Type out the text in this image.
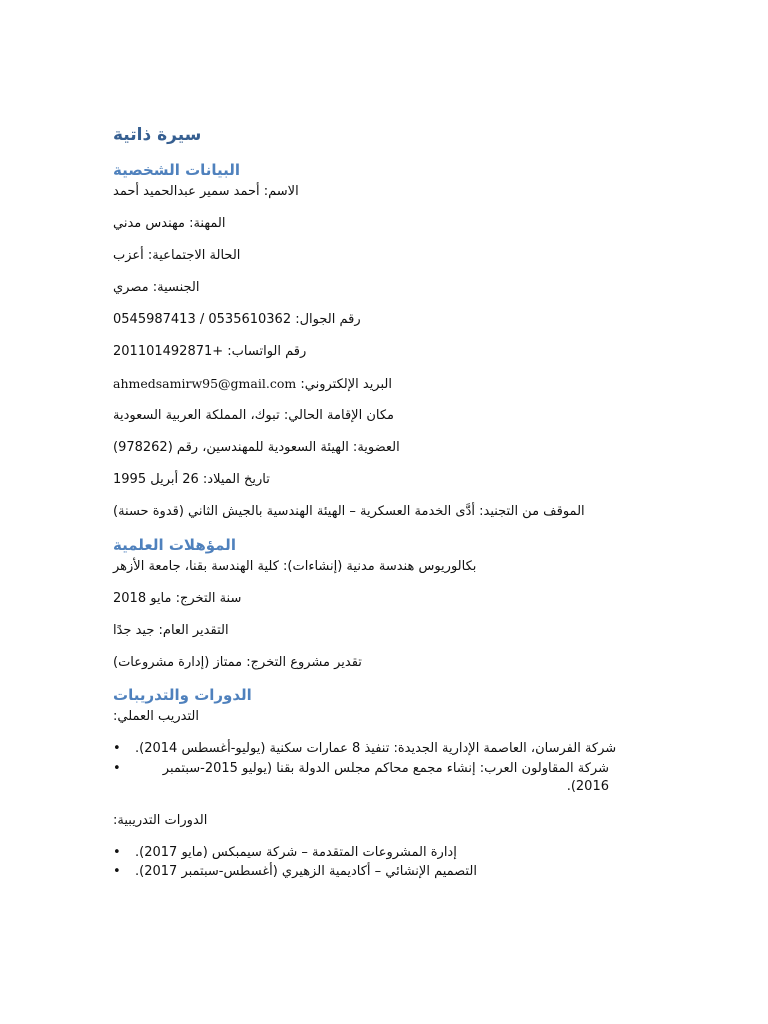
سيرة ذاتية
البيانات الشخصية
الاسم: أحمد سمير عبدالحميد أحمد
المهنة: مهندس مدني
الحالة الاجتماعية: أعزب
الجنسية: مصري
رقم الجوال: 0535610362 / 0545987413
رقم الواتساب: +201101492871
البريد الإلكتروني: ahmedsamirw95@gmail.com
مكان الإقامة الحالي: تبوك، المملكة العربية السعودية
العضوية: الهيئة السعودية للمهندسين، رقم (978262)
تاريخ الميلاد: 26 أبريل 1995
الموقف من التجنيد: أدَّى الخدمة العسكرية – الهيئة الهندسية بالجيش الثاني (قدوة حسنة)
المؤهلات العلمية
بكالوريوس هندسة مدنية (إنشاءات): كلية الهندسة بقنا، جامعة الأزهر
سنة التخرج: مايو 2018
التقدير العام: جيد جدًا
تقدير مشروع التخرج: ممتاز (إدارة مشروعات)
الدورات والتدريبات
التدريب العملي:
•	شركة الفرسان، العاصمة الإدارية الجديدة: تنفيذ 8 عمارات سكنية (يوليو-أغسطس 2014).
•	شركة المقاولون العرب: إنشاء مجمع محاكم مجلس الدولة بقنا (يوليو 2015-سبتمبر 2016).
الدورات التدريبية:
•	إدارة المشروعات المتقدمة – شركة سيمبكس (مايو 2017).
•	التصميم الإنشائي – أكاديمية الزهيري (أغسطس-سبتمبر 2017).
